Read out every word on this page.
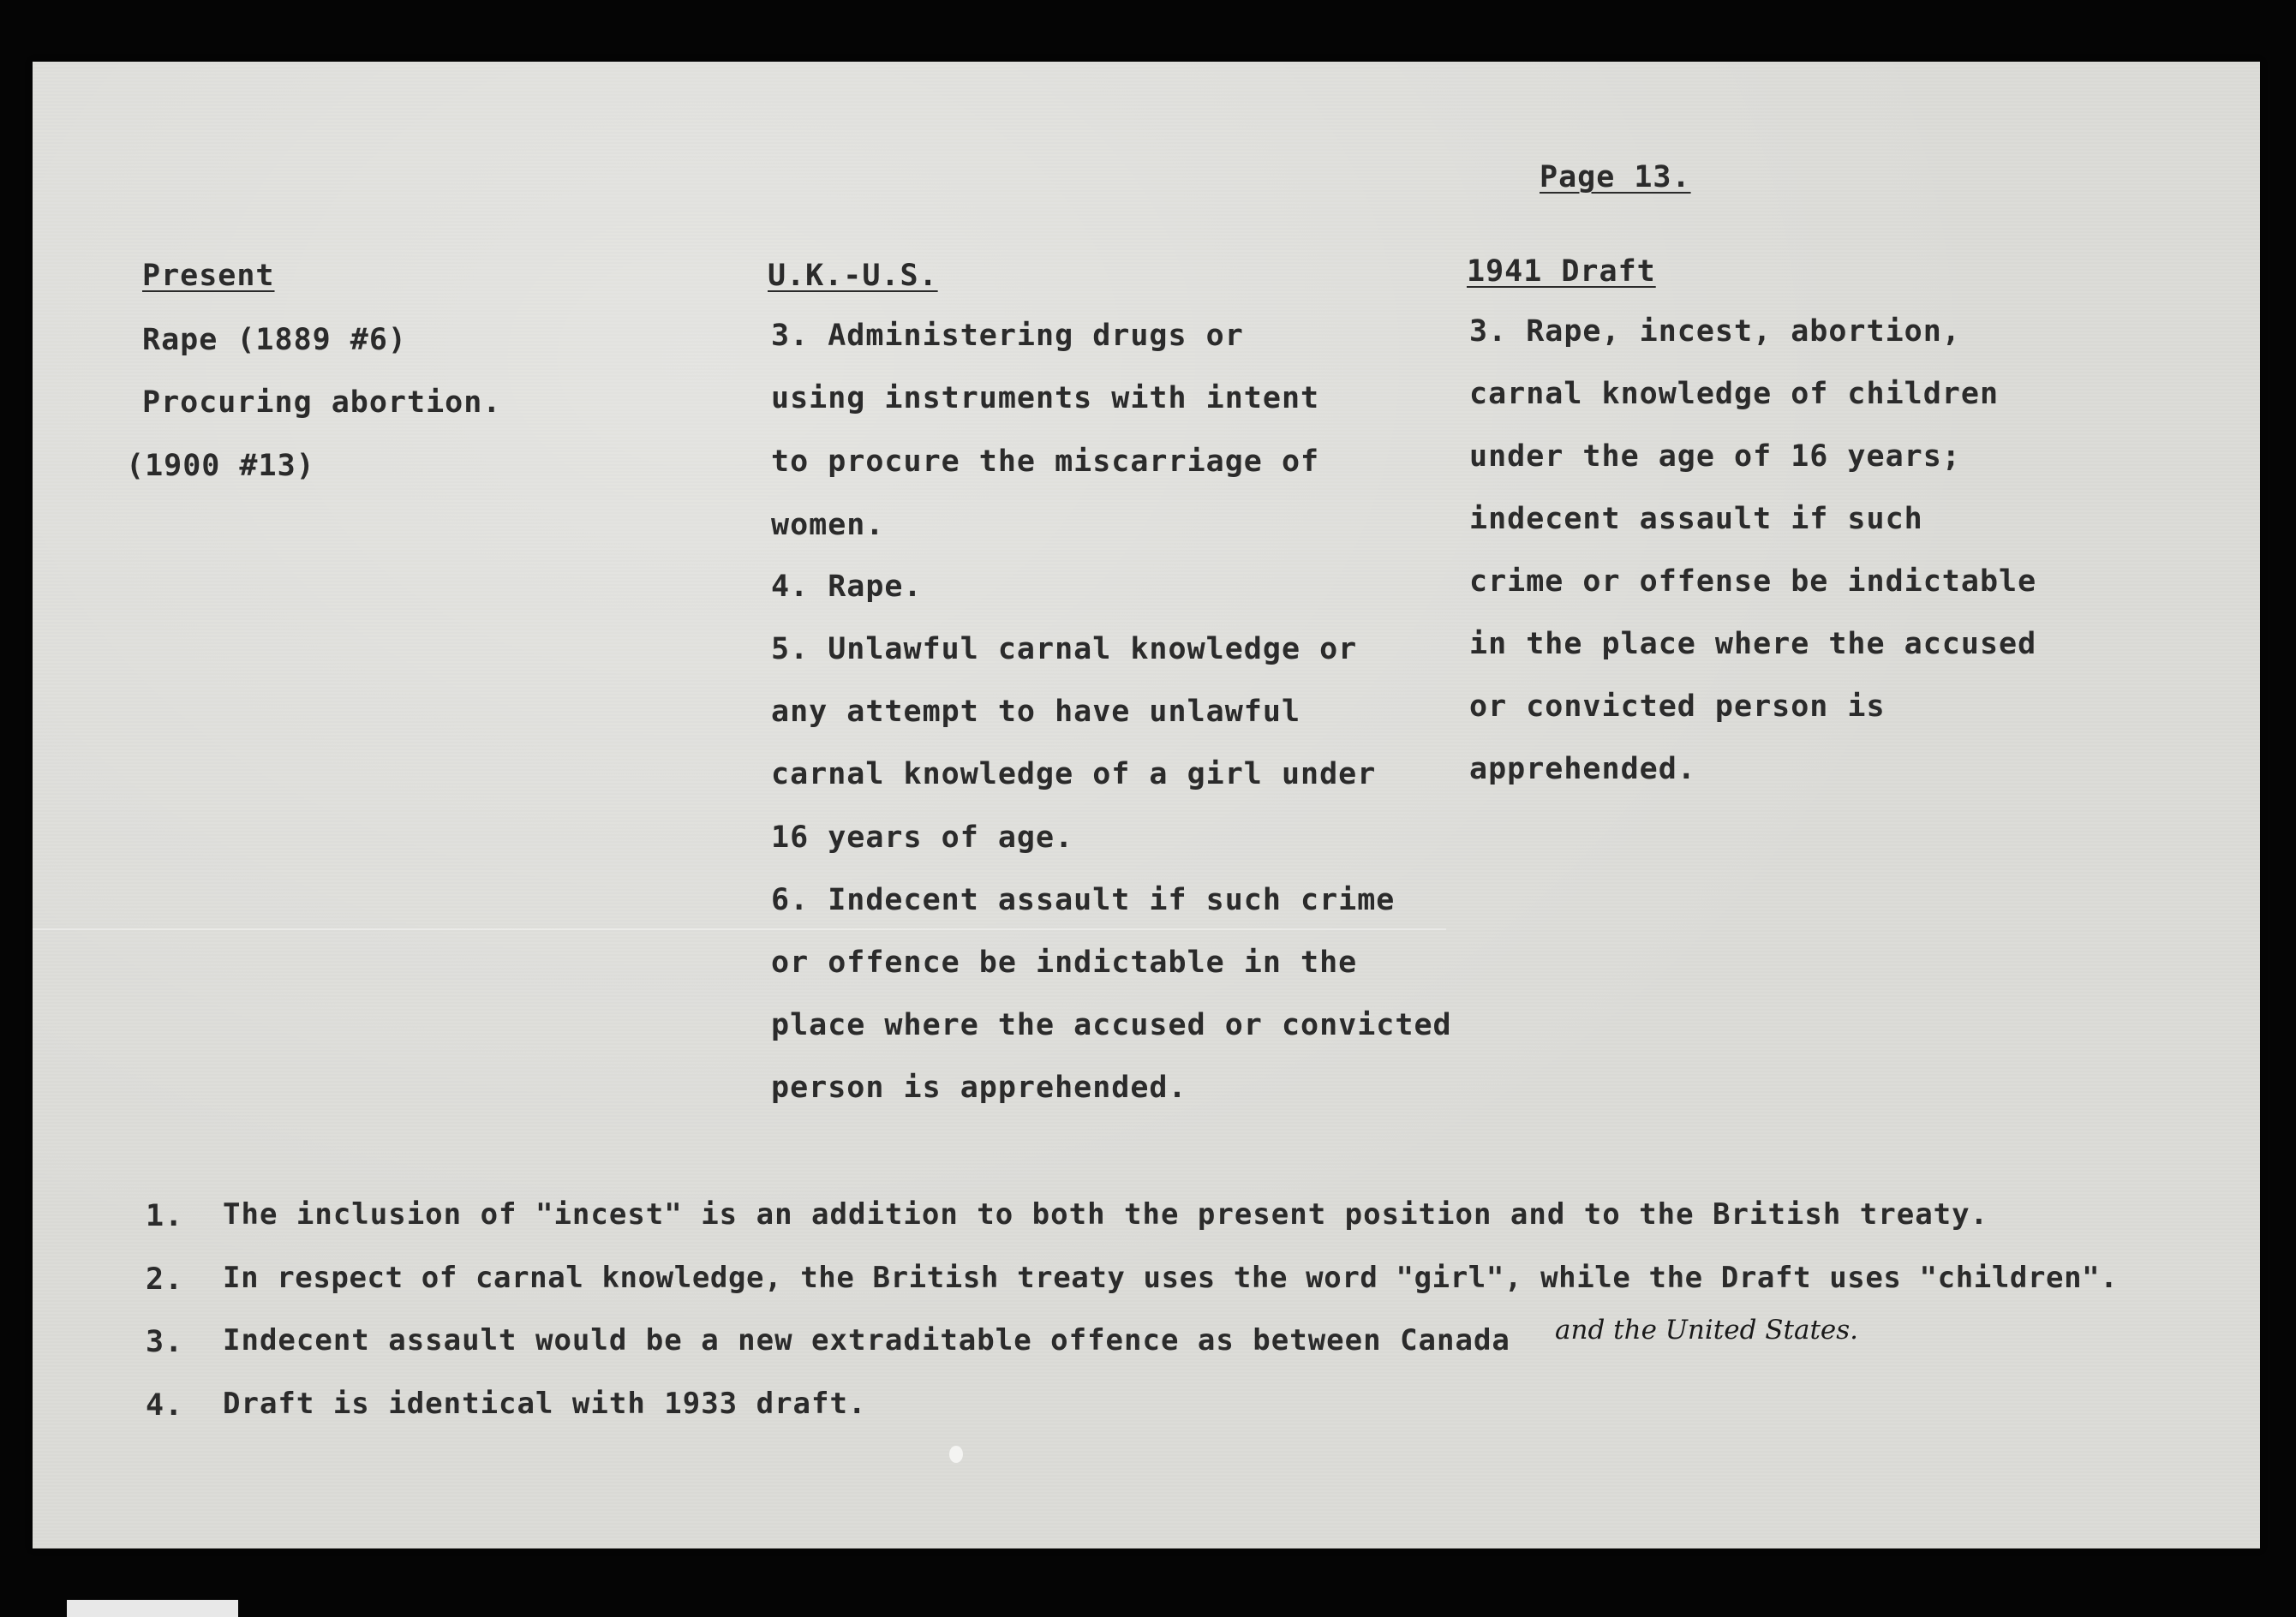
Page 13.
Present	U.K.-U.S.	1941 Draft
Rape (1889 #6)
Procuring abortion.
(1900 #13)
3. Administering drugs or
using instruments with intent
to procure the miscarriage of
women.
4. Rape.
5. Unlawful carnal knowledge or
any attempt to have unlawful
carnal knowledge of a girl under
16 years of age.
6. Indecent assault if such crime
or offence be indictable in the
place where the accused or convicted
person is apprehended.
3. Rape, incest, abortion,
carnal knowledge of children
under the age of 16 years;
indecent assault if such
crime or offense be indictable
in the place where the accused
or convicted person is
apprehended.
1. The inclusion of "incest" is an addition to both the present position and to the British treaty.
2. In respect of carnal knowledge, the British treaty uses the word "girl", while the Draft uses "children".
3. Indecent assault would be a new extraditable offence as between Canada and the United States.
4. Draft is identical with 1933 draft.
